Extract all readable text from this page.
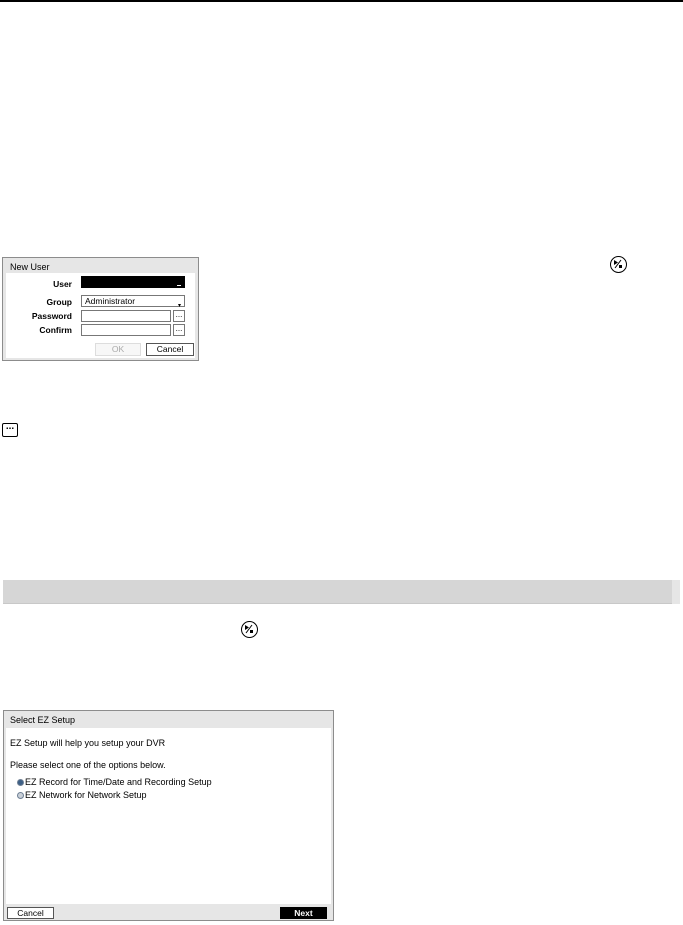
New User
User
Group	Administrator	▾
Password	...
Confirm	...
OK	Cancel
...
Select EZ Setup
EZ Setup will help you setup your DVR
Please select one of the options below.
EZ Record for Time/Date and Recording Setup
EZ Network for Network Setup
Cancel	Next
